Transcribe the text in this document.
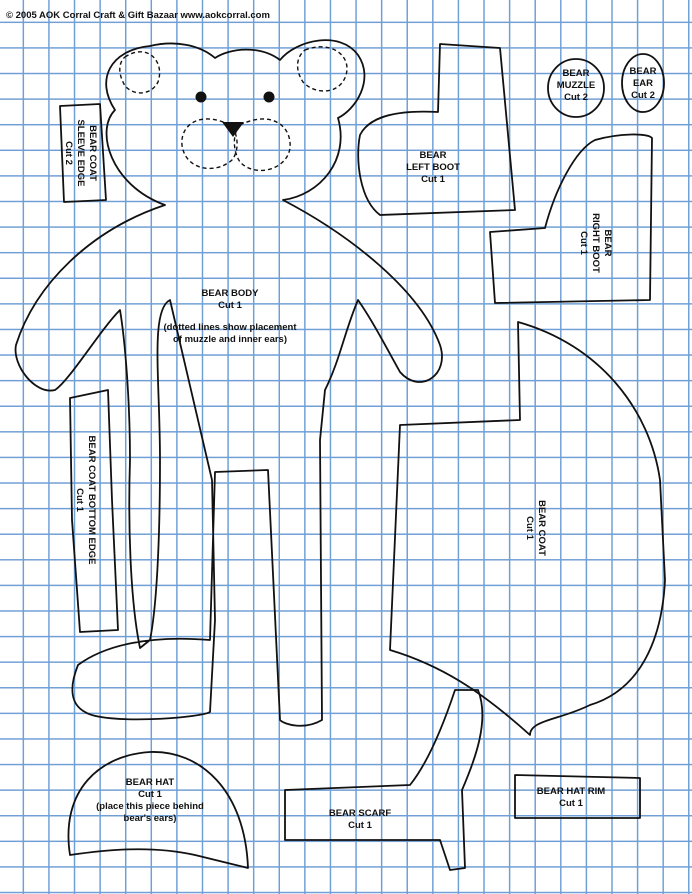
© 2005 AOK Corral Craft & Gift Bazaar www.aokcorral.com
BEAR BODY
Cut 1
(dotted lines show placement
of muzzle and inner ears)
BEAR COAT
SLEEVE EDGE
Cut 2	BEAR
LEFT BOOT
Cut 1
BEAR
MUZZLE
Cut 2
BEAR
EAR
Cut 2
BEAR
RIGHT BOOT
Cut 1
BEAR COAT BOTTOM EDGE
Cut 1
BEAR COAT
Cut 1
BEAR HAT
Cut 1
(place this piece behind
bear's ears)	BEAR SCARF
Cut 1
BEAR HAT RIM
Cut 1
